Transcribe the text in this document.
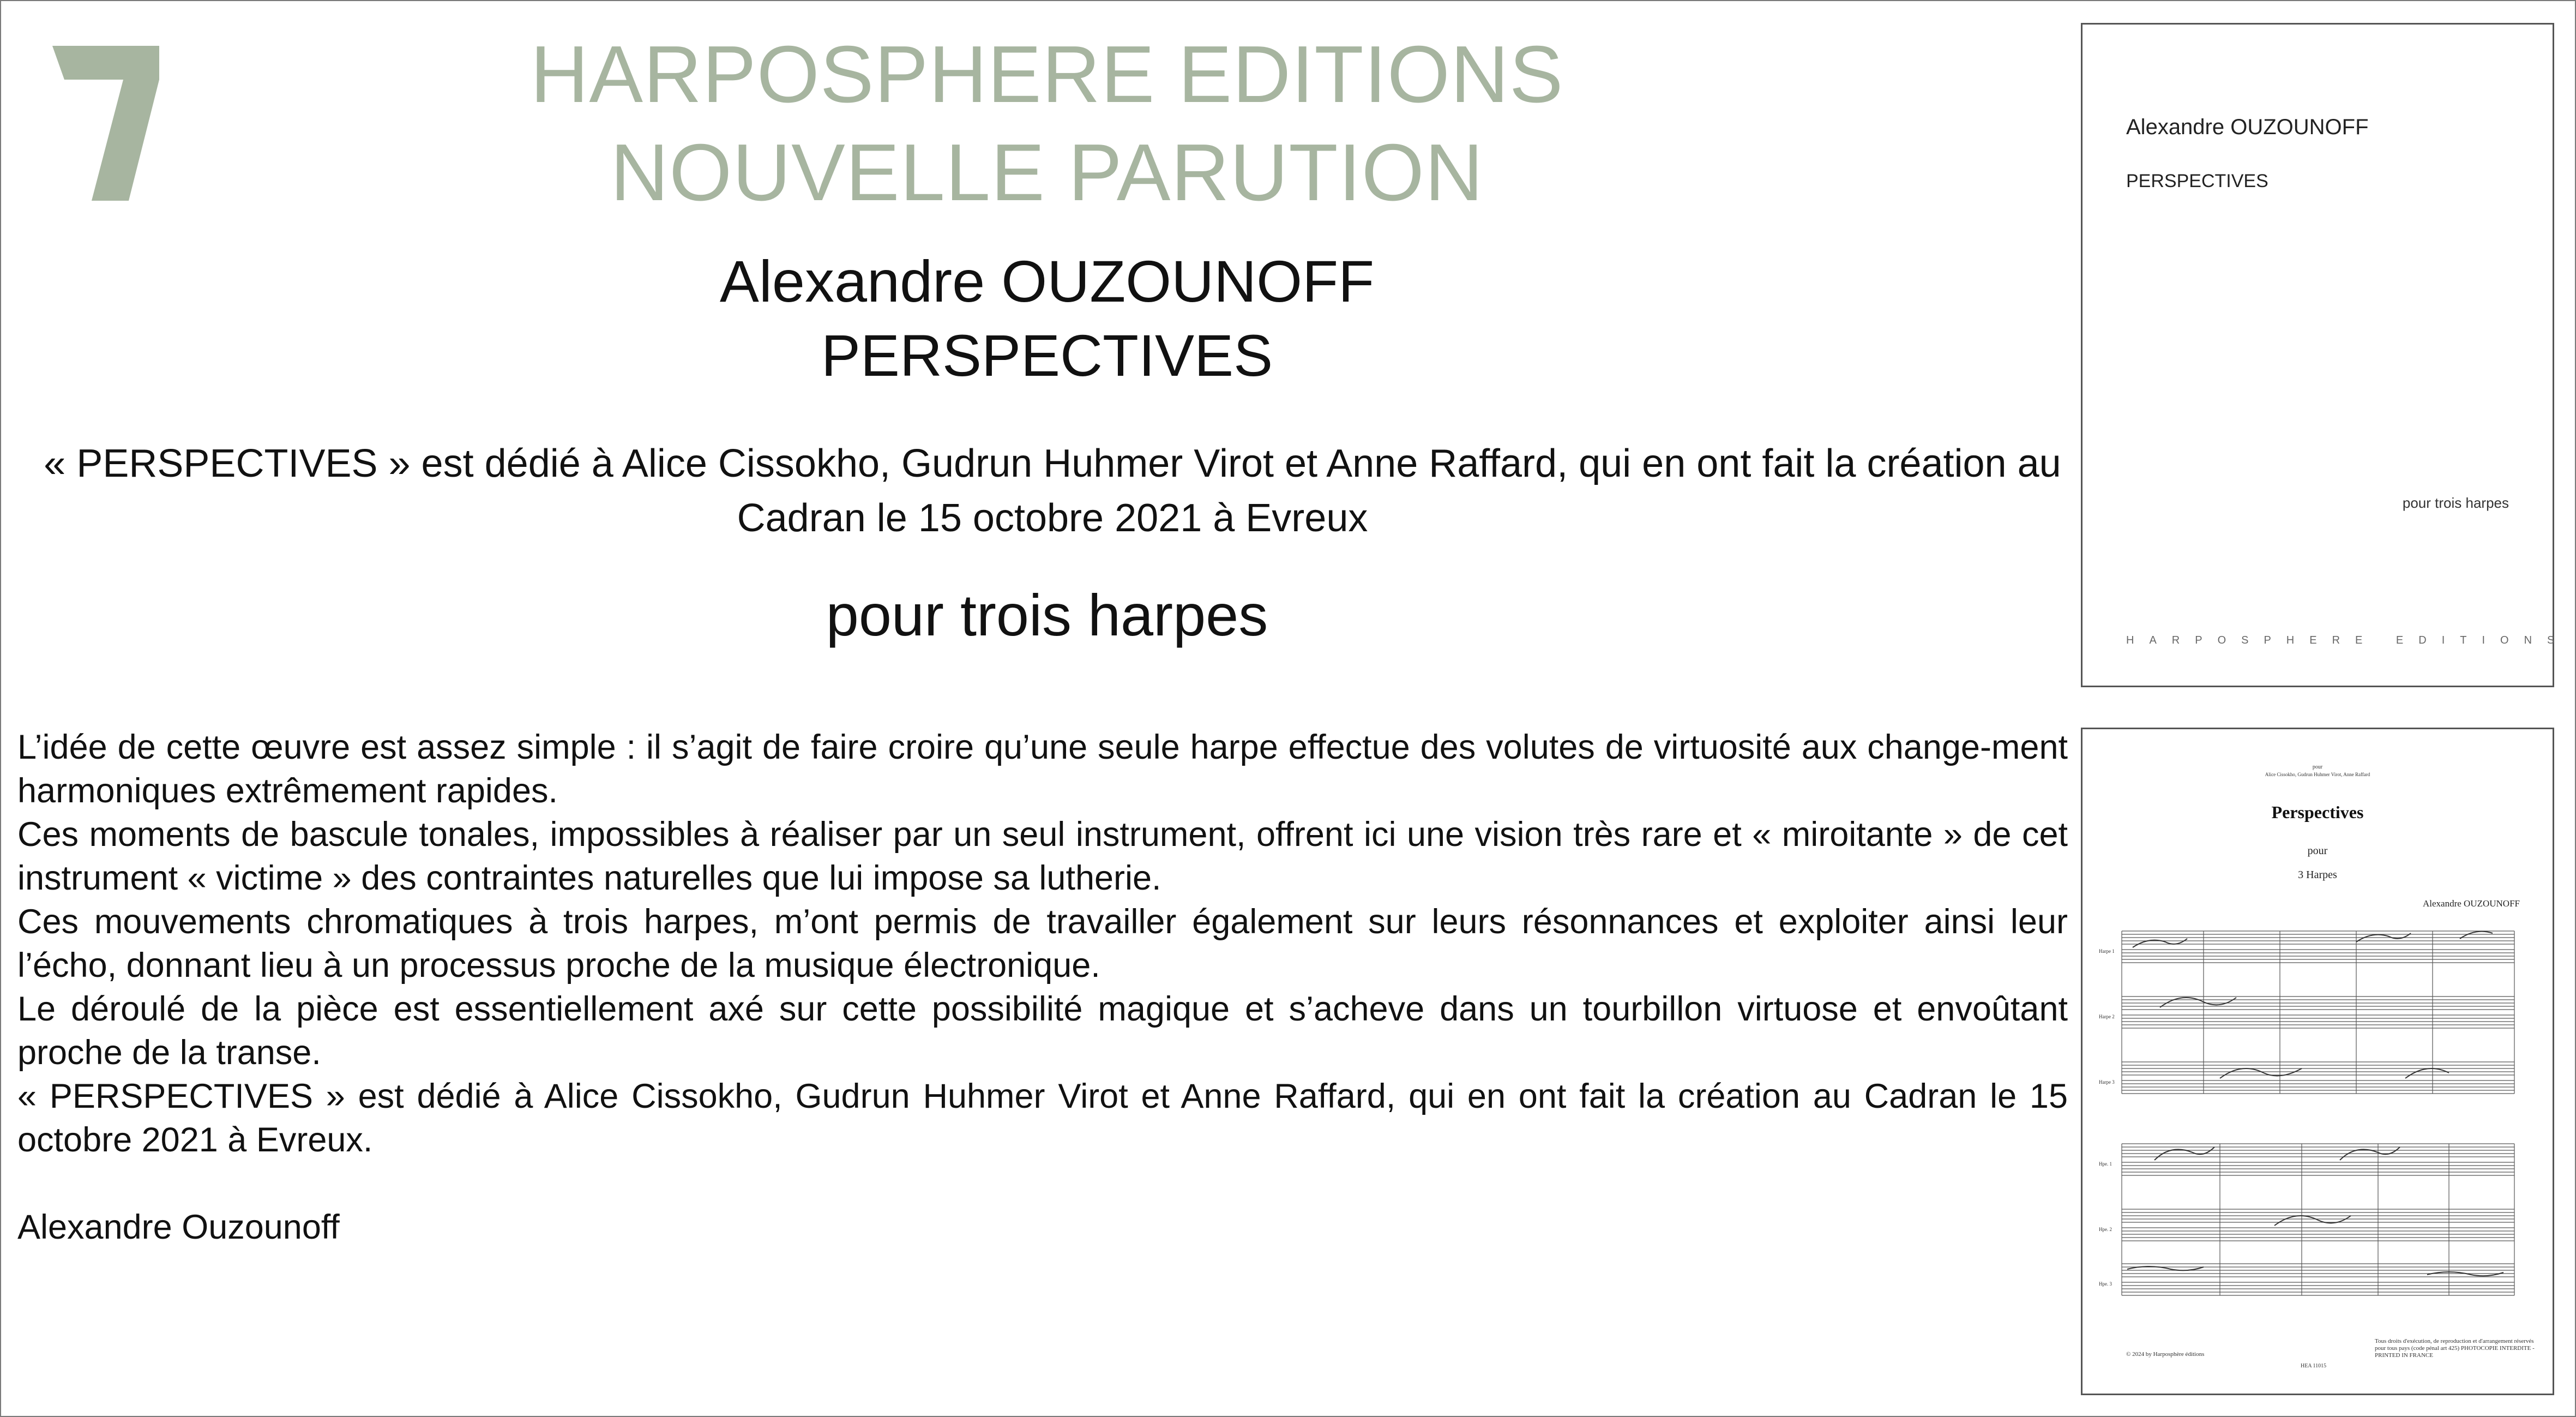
HARPOSPHERE EDITIONS
NOUVELLE PARUTION
Alexandre OUZOUNOFF
PERSPECTIVES
« PERSPECTIVES » est dédié à Alice Cissokho, Gudrun Huhmer Virot et Anne Raffard, qui en ont fait la création au Cadran le 15 octobre 2021 à Evreux
pour trois harpes

L’idée de cette œuvre est assez simple : il s’agit de faire croire qu’une seule harpe effectue des volutes de virtuosité aux change-ment harmoniques extrêmement rapides.

Ces moments de bascule tonales, impossibles à réaliser par un seul instrument, offrent ici une vision très rare et « miroitante » de cet instrument « victime » des contraintes naturelles que lui impose sa lutherie.

Ces mouvements chromatiques à trois harpes, m’ont permis de travailler également sur leurs résonnances et exploiter ainsi leur l’écho, donnant lieu à un processus proche de la musique électronique.

Le déroulé de la pièce est essentiellement axé sur cette possibilité magique et s’acheve dans un tourbillon virtuose et envoûtant proche de la transe.

« PERSPECTIVES » est dédié à Alice Cissokho, Gudrun Huhmer Virot et Anne Raffard, qui en ont fait la création au Cadran le 15 octobre 2021 à Evreux.

Alexandre Ouzounoff

Alexandre OUZOUNOFF
PERSPECTIVES
pour trois harpes
HARPOSPHERE EDITIONS
pour
Alice Cissokho, Gudrun Huhmer Virot, Anne Raffard
Perspectives
pour
3 Harpes
Alexandre OUZOUNOFF
Harpe 1
Harpe 2
Harpe 3
Hpe. 1
Hpe. 2
Hpe. 3
Tous droits d'exécution, de reproduction et d'arrangement réservés pour tous pays (code pénal art 425) PHOTOCOPIE INTERDITE - PRINTED IN FRANCE
© 2024 by Harposphère éditions
HEA 11015
